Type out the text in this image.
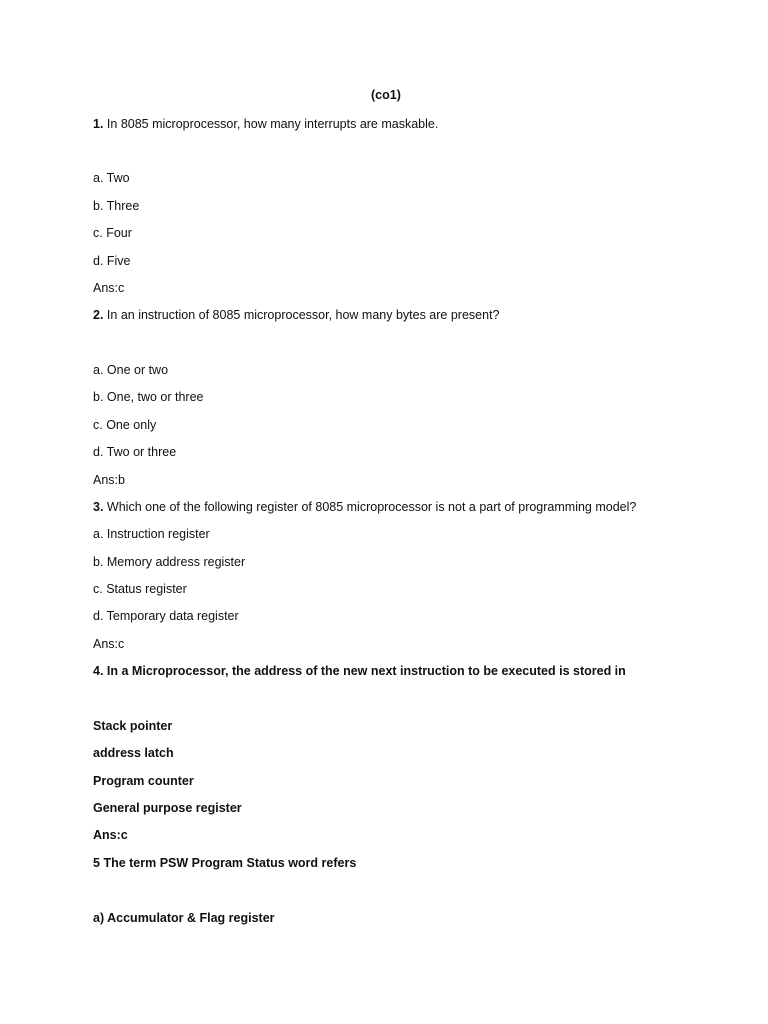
(co1)
1. In 8085 microprocessor, how many interrupts are maskable.
a. Two
b. Three
c. Four
d. Five
Ans:c
2. In an instruction of 8085 microprocessor, how many bytes are present?
a. One or two
b. One, two or three
c. One only
d. Two or three
Ans:b
3. Which one of the following register of 8085 microprocessor is not a part of programming model?
a. Instruction register
b. Memory address register
c. Status register
d. Temporary data register
Ans:c
4. In a Microprocessor, the address of the new next instruction to be executed is stored in
Stack pointer
address latch
Program counter
General purpose register
Ans:c
5 The term PSW Program Status word refers
a) Accumulator & Flag register
